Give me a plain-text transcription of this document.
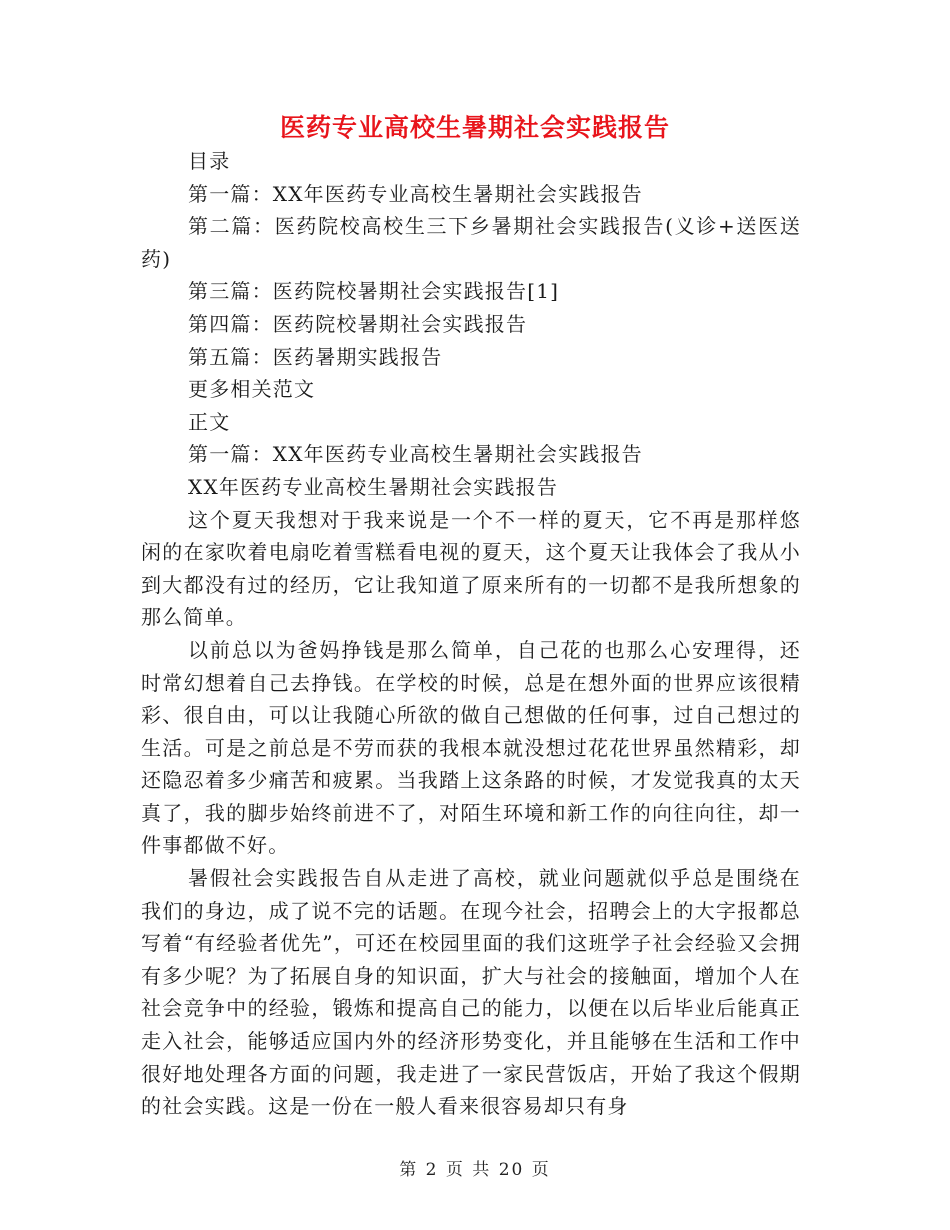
医药专业高校生暑期社会实践报告

目录

第一篇：XX年医药专业高校生暑期社会实践报告

第二篇：医药院校高校生三下乡暑期社会实践报告(义诊+送医送药)

第三篇：医药院校暑期社会实践报告[1]

第四篇：医药院校暑期社会实践报告

第五篇：医药暑期实践报告

更多相关范文

正文

第一篇：XX年医药专业高校生暑期社会实践报告

XX年医药专业高校生暑期社会实践报告

这个夏天我想对于我来说是一个不一样的夏天，它不再是那样悠闲的在家吹着电扇吃着雪糕看电视的夏天，这个夏天让我体会了我从小到大都没有过的经历，它让我知道了原来所有的一切都不是我所想象的那么简单。

以前总以为爸妈挣钱是那么简单，自己花的也那么心安理得，还时常幻想着自己去挣钱。在学校的时候，总是在想外面的世界应该很精彩、很自由，可以让我随心所欲的做自己想做的任何事，过自己想过的生活。可是之前总是不劳而获的我根本就没想过花花世界虽然精彩，却还隐忍着多少痛苦和疲累。当我踏上这条路的时候，才发觉我真的太天真了，我的脚步始终前进不了，对陌生环境和新工作的向往向往，却一件事都做不好。

暑假社会实践报告自从走进了高校，就业问题就似乎总是围绕在我们的身边，成了说不完的话题。在现今社会，招聘会上的大字报都总写着“有经验者优先”，可还在校园里面的我们这班学子社会经验又会拥有多少呢？为了拓展自身的知识面，扩大与社会的接触面，增加个人在社会竞争中的经验，锻炼和提高自己的能力，以便在以后毕业后能真正走入社会，能够适应国内外的经济形势变化，并且能够在生活和工作中很好地处理各方面的问题，我走进了一家民营饭店，开始了我这个假期的社会实践。这是一份在一般人看来很容易却只有身

第 2 页 共 20 页
